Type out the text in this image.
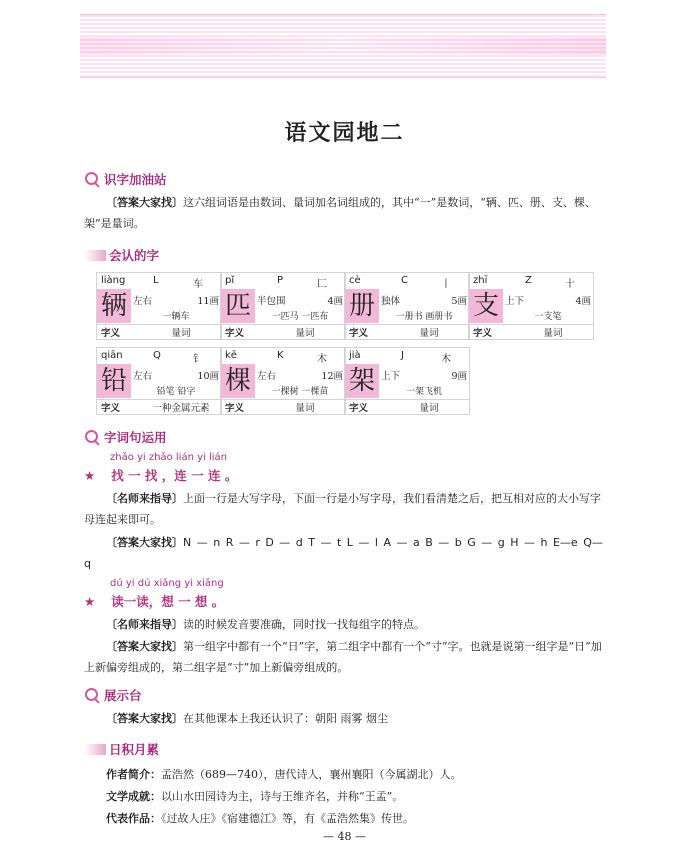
语文园地二
识字加油站
〔答案大家找〕这六组词语是由数词、量词加名词组成的，其中“一”是数词，“辆、匹、册、支、棵、架”是量词。
会认的字
liàng	L	车
辆 左右	11画
一辆车
字义	量词
pǐ	P	匚
匹 半包围	4画
一匹马 一匹布
字义	量词
cè	C	丨
册 独体	5画
一册书 画册书
字义	量词
zhī	Z	十
支 上下	4画
一支笔
字义	量词
qiān	Q	钅
铅 左右	10画
铅笔 铅字
字义	一种金属元素
kē	K	木
棵 左右	12画
一棵树 一棵苗
字义	量词
jià	J	木
架 上下	9画
一架飞机
字义	量词
字词句运用
zhǎo yi zhǎo lián yi lián
★ 找 一 找 ，连 一 连 。
〔名师来指导〕上面一行是大写字母，下面一行是小写字母，我们看清楚之后，把互相对应的大小写字母连起来即可。
〔答案大家找〕N — n R — r D — d T — t L — l A — a B — b G — g H — h E—e Q—q
dú yi dú xiǎng yi xiǎng
★ 读一读，想 一 想 。
〔名师来指导〕读的时候发音要准确，同时找一找每组字的特点。
〔答案大家找〕第一组字中都有一个“日”字，第二组字中都有一个“寸”字。也就是说第一组字是“日”加上新偏旁组成的，第二组字是“寸”加上新偏旁组成的。
展示台
〔答案大家找〕在其他课本上我还认识了：朝阳 雨雾 烟尘
日积月累
作者简介：孟浩然（689—740），唐代诗人，襄州襄阳（今属湖北）人。
文学成就：以山水田园诗为主，诗与王维齐名，并称“王孟”。
代表作品：《过故人庄》《宿建德江》等，有《孟浩然集》传世。
— 48 —
